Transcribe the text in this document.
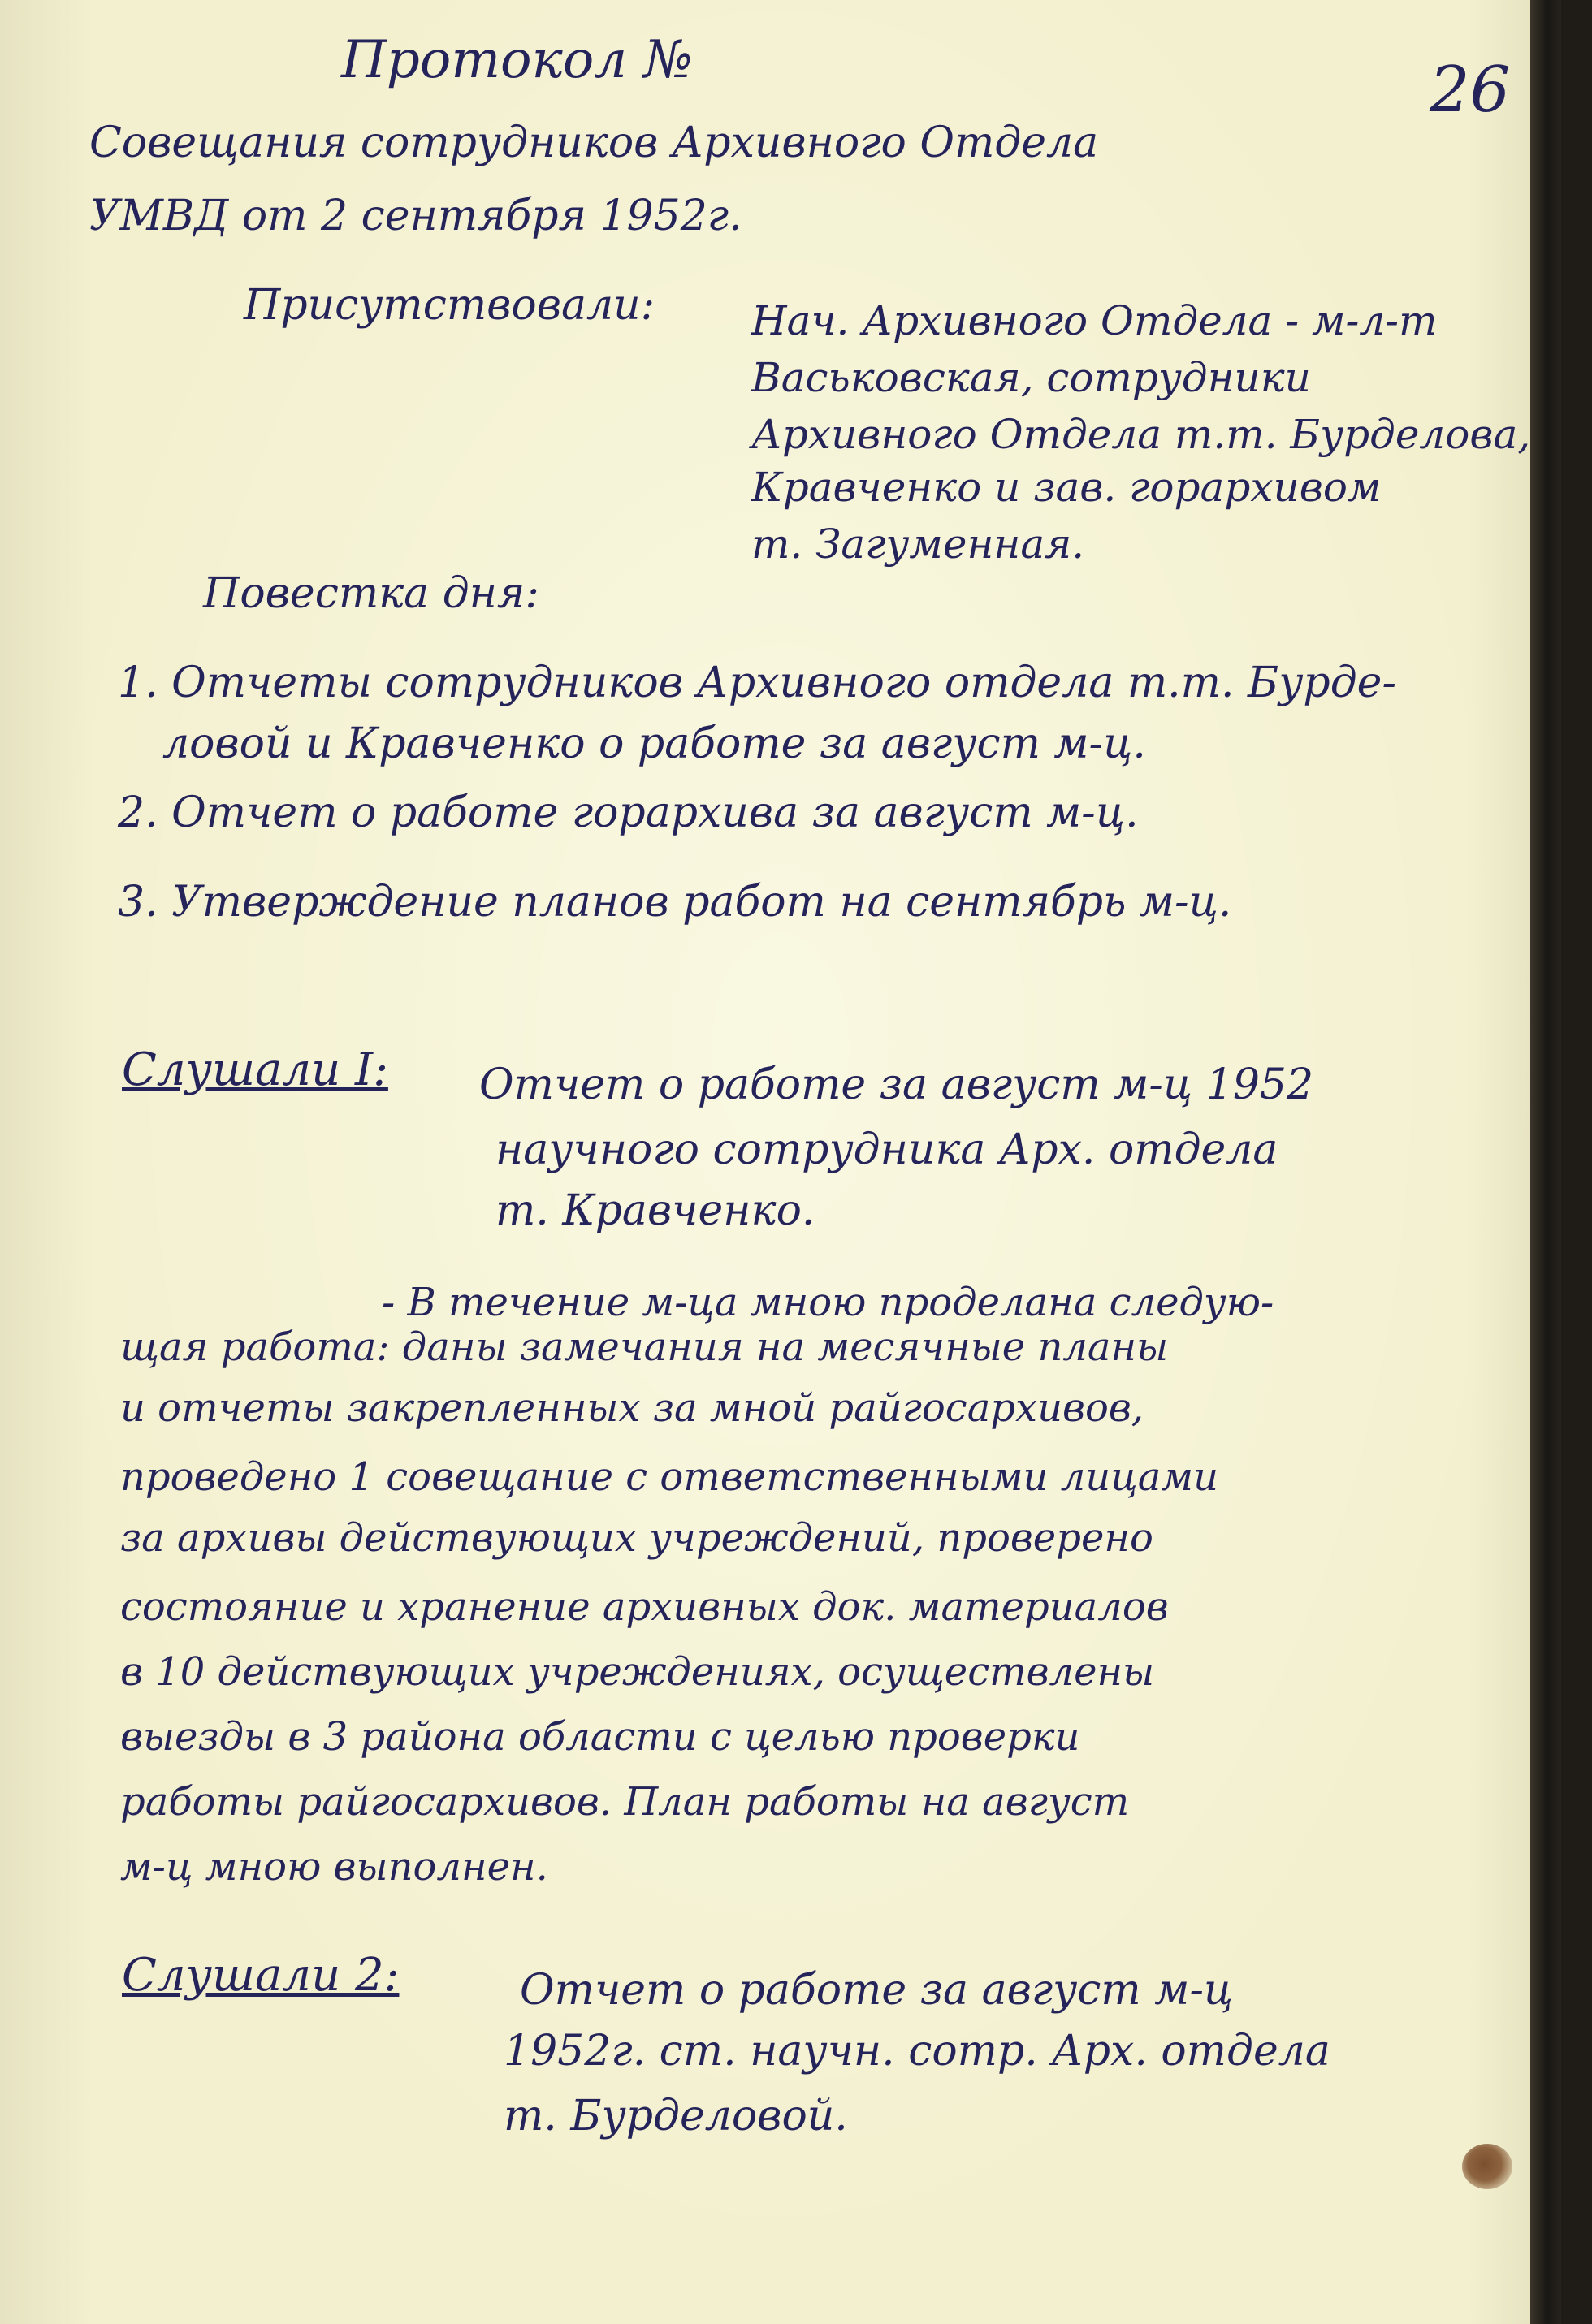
Протокол №	26

Совещания сотрудников Архивного Отдела

УМВД от 2 сентября 1952г.

Присутствовали: Нач. Архивного Отдела - м-л-т

Васьковская, сотрудники

Архивного Отдела т.т. Бурделова,

Кравченко и зав. горархивом

т. Загуменная.

Повестка дня:

1. Отчеты сотрудников Архивного отдела т.т. Бурде-

ловой и Кравченко о работе за август м-ц.

2. Отчет о работе горархива за август м-ц.

3. Утверждение планов работ на сентябрь м-ц.

Слушали I: Отчет о работе за август м-ц 1952

научного сотрудника Арх. отдела

т. Кравченко.

- В течение м-ца мною проделана следую-

щая работа: даны замечания на месячные планы

и отчеты закрепленных за мной райгосархивов,

проведено 1 совещание с ответственными лицами

за архивы действующих учреждений, проверено

состояние и хранение архивных док. материалов

в 10 действующих учреждениях, осуществлены

выезды в 3 района области с целью проверки

работы райгосархивов. План работы на август

м-ц мною выполнен.

Слушали 2:	Отчет о работе за август м-ц

1952г. ст. научн. сотр. Арх. отдела

т. Бурделовой.
